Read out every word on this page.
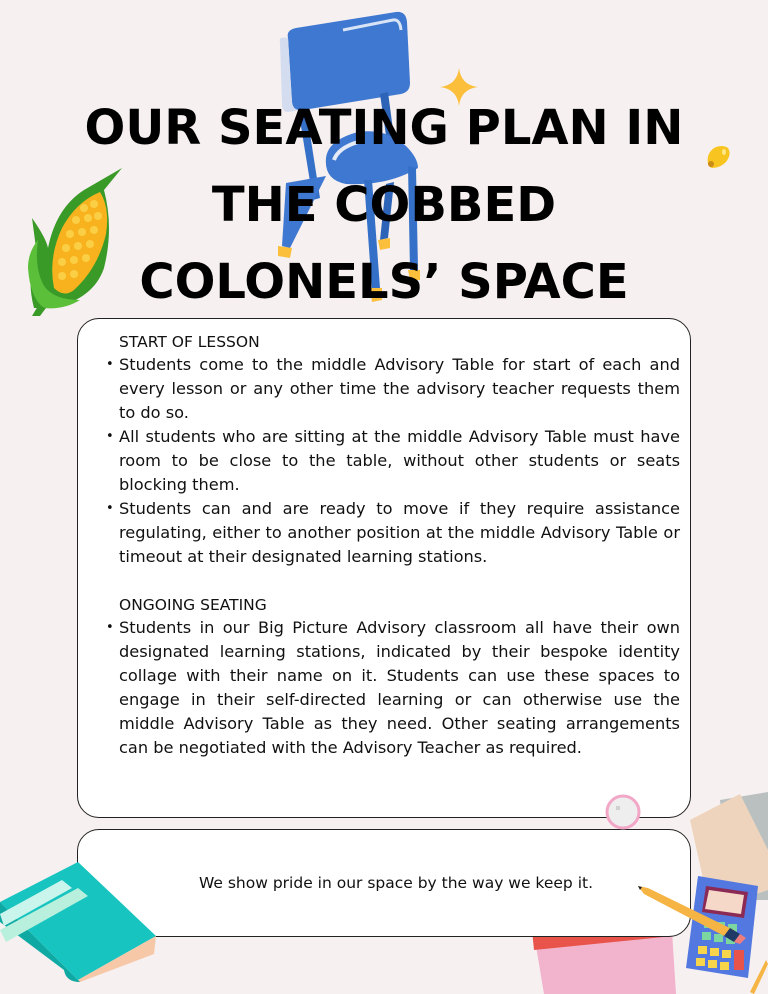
OUR SEATING PLAN IN
THE COBBED
COLONELS’ SPACE
START OF LESSON
• Students come to the middle Advisory Table for start of each and every lesson or any other time the advisory teacher requests them to do so.
• All students who are sitting at the middle Advisory Table must have room to be close to the table, without other students or seats blocking them.
• Students can and are ready to move if they require assistance regulating, either to another position at the middle Advisory Table or timeout at their designated learning stations.
ONGOING SEATING
• Students in our Big Picture Advisory classroom all have their own designated learning stations, indicated by their bespoke identity collage with their name on it. Students can use these spaces to engage in their self-directed learning or can otherwise use the middle Advisory Table as they need. Other seating arrangements can be negotiated with the Advisory Teacher as required.
We show pride in our space by the way we keep it.
